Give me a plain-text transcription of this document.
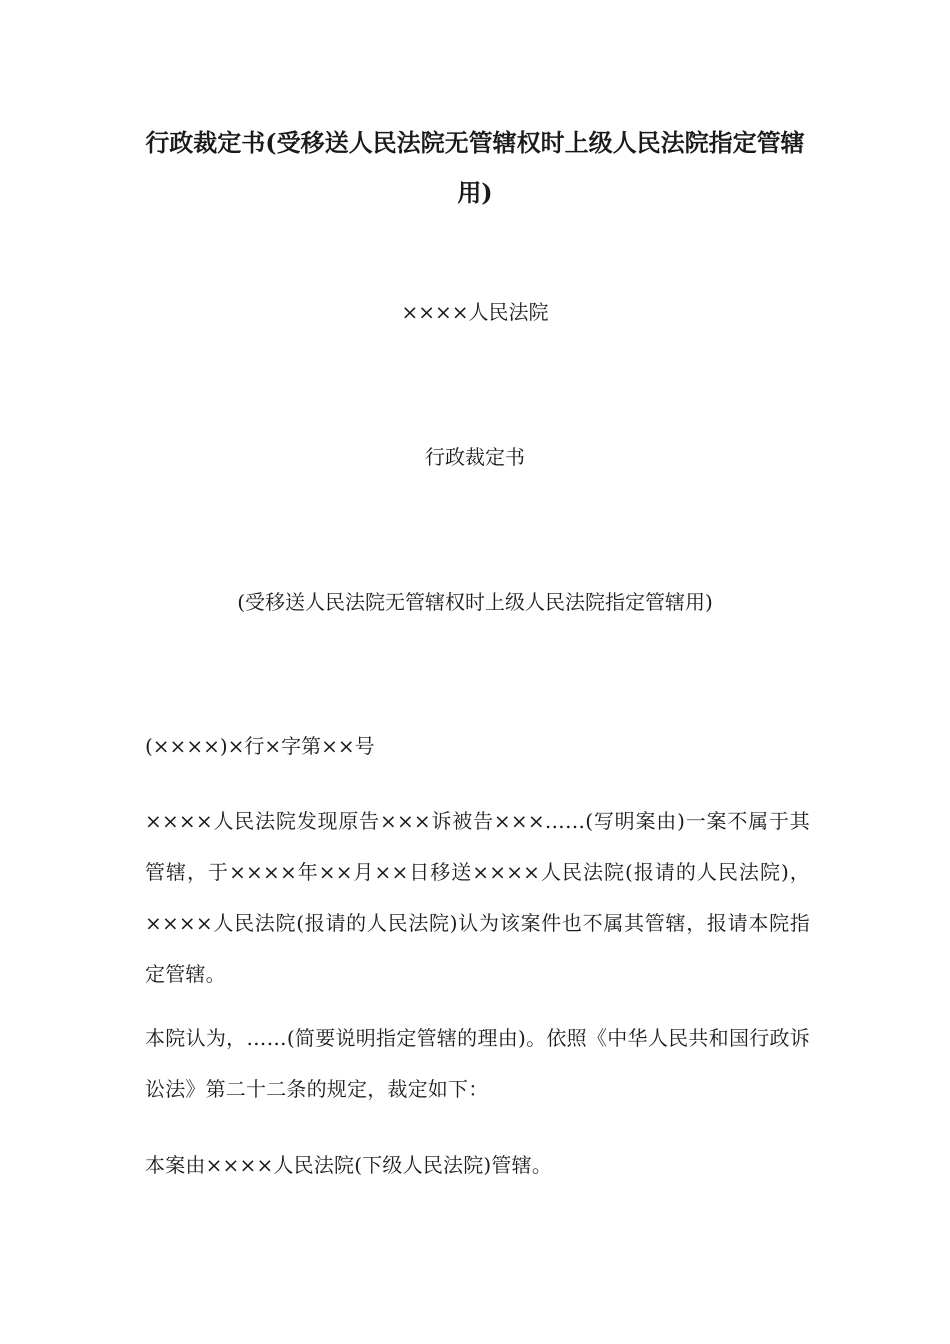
行政裁定书(受移送人民法院无管辖权时上级人民法院指定管辖用)

××××人民法院

行政裁定书

(受移送人民法院无管辖权时上级人民法院指定管辖用)

(××××)×行×字第××号

××××人民法院发现原告×××诉被告×××……(写明案由)一案不属于其管辖，于××××年××月××日移送××××人民法院(报请的人民法院)，××××人民法院(报请的人民法院)认为该案件也不属其管辖，报请本院指定管辖。

本院认为，……(简要说明指定管辖的理由)。依照《中华人民共和国行政诉讼法》第二十二条的规定，裁定如下：

本案由××××人民法院(下级人民法院)管辖。
